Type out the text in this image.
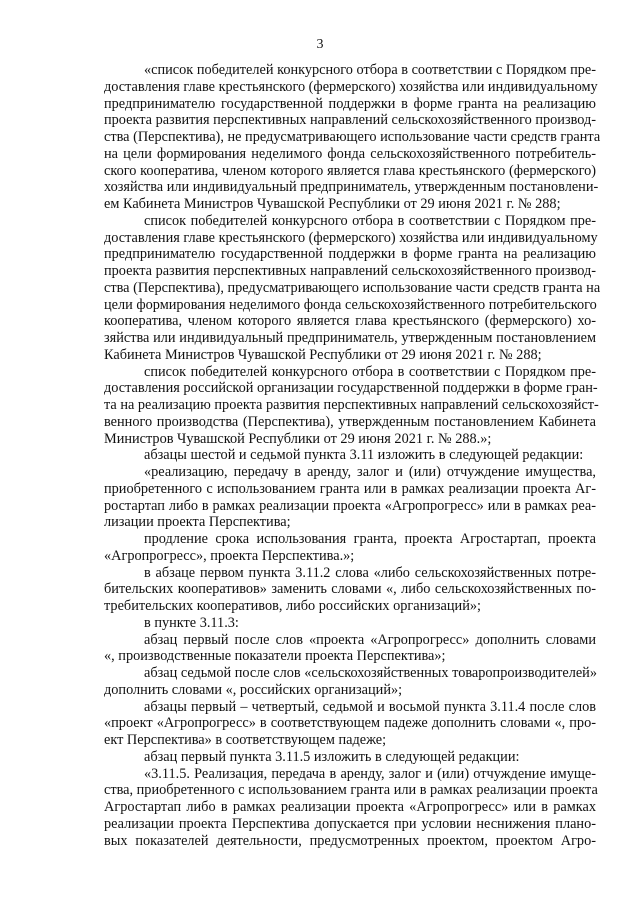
3

«список победителей конкурсного отбора в соответствии с Порядком пре-
доставления главе крестьянского (фермерского) хозяйства или индивидуальному
предпринимателю государственной поддержки в форме гранта на реализацию
проекта развития перспективных направлений сельскохозяйственного производ-
ства (Перспектива), не предусматривающего использование части средств гранта
на цели формирования неделимого фонда сельскохозяйственного потребитель-
ского кооператива, членом которого является глава крестьянского (фермерского)
хозяйства или индивидуальный предприниматель, утвержденным постановлени-
ем Кабинета Министров Чувашской Республики от 29 июня 2021 г. № 288;

список победителей конкурсного отбора в соответствии с Порядком пре-
доставления главе крестьянского (фермерского) хозяйства или индивидуальному
предпринимателю государственной поддержки в форме гранта на реализацию
проекта развития перспективных направлений сельскохозяйственного производ-
ства (Перспектива), предусматривающего использование части средств гранта на
цели формирования неделимого фонда сельскохозяйственного потребительского
кооператива, членом которого является глава крестьянского (фермерского) хо-
зяйства или индивидуальный предприниматель, утвержденным постановлением
Кабинета Министров Чувашской Республики от 29 июня 2021 г. № 288;

список победителей конкурсного отбора в соответствии с Порядком пре-
доставления российской организации государственной поддержки в форме гран-
та на реализацию проекта развития перспективных направлений сельскохозяйст-
венного производства (Перспектива), утвержденным постановлением Кабинета
Министров Чувашской Республики от 29 июня 2021 г. № 288.»;

абзацы шестой и седьмой пункта 3.11 изложить в следующей редакции:

«реализацию, передачу в аренду, залог и (или) отчуждение имущества,
приобретенного с использованием гранта или в рамках реализации проекта Аг-
ростартап либо в рамках реализации проекта «Агропрогресс» или в рамках реа-
лизации проекта Перспектива;

продление срока использования гранта, проекта Агростартап, проекта
«Агропрогресс», проекта Перспектива.»;

в абзаце первом пункта 3.11.2 слова «либо сельскохозяйственных потре-
бительских кооперативов» заменить словами «, либо сельскохозяйственных по-
требительских кооперативов, либо российских организаций»;

в пункте 3.11.3:

абзац первый после слов «проекта «Агропрогресс» дополнить словами
«, производственные показатели проекта Перспектива»;

абзац седьмой после слов «сельскохозяйственных товаропроизводителей»
дополнить словами «, российских организаций»;

абзацы первый – четвертый, седьмой и восьмой пункта 3.11.4 после слов
«проект «Агропрогресс» в соответствующем падеже дополнить словами «, про-
ект Перспектива» в соответствующем падеже;

абзац первый пункта 3.11.5 изложить в следующей редакции:

«3.11.5. Реализация, передача в аренду, залог и (или) отчуждение имуще-
ства, приобретенного с использованием гранта или в рамках реализации проекта
Агростартап либо в рамках реализации проекта «Агропрогресс» или в рамках
реализации проекта Перспектива допускается при условии неснижения плано-
вых показателей деятельности, предусмотренных проектом, проектом Агро-
